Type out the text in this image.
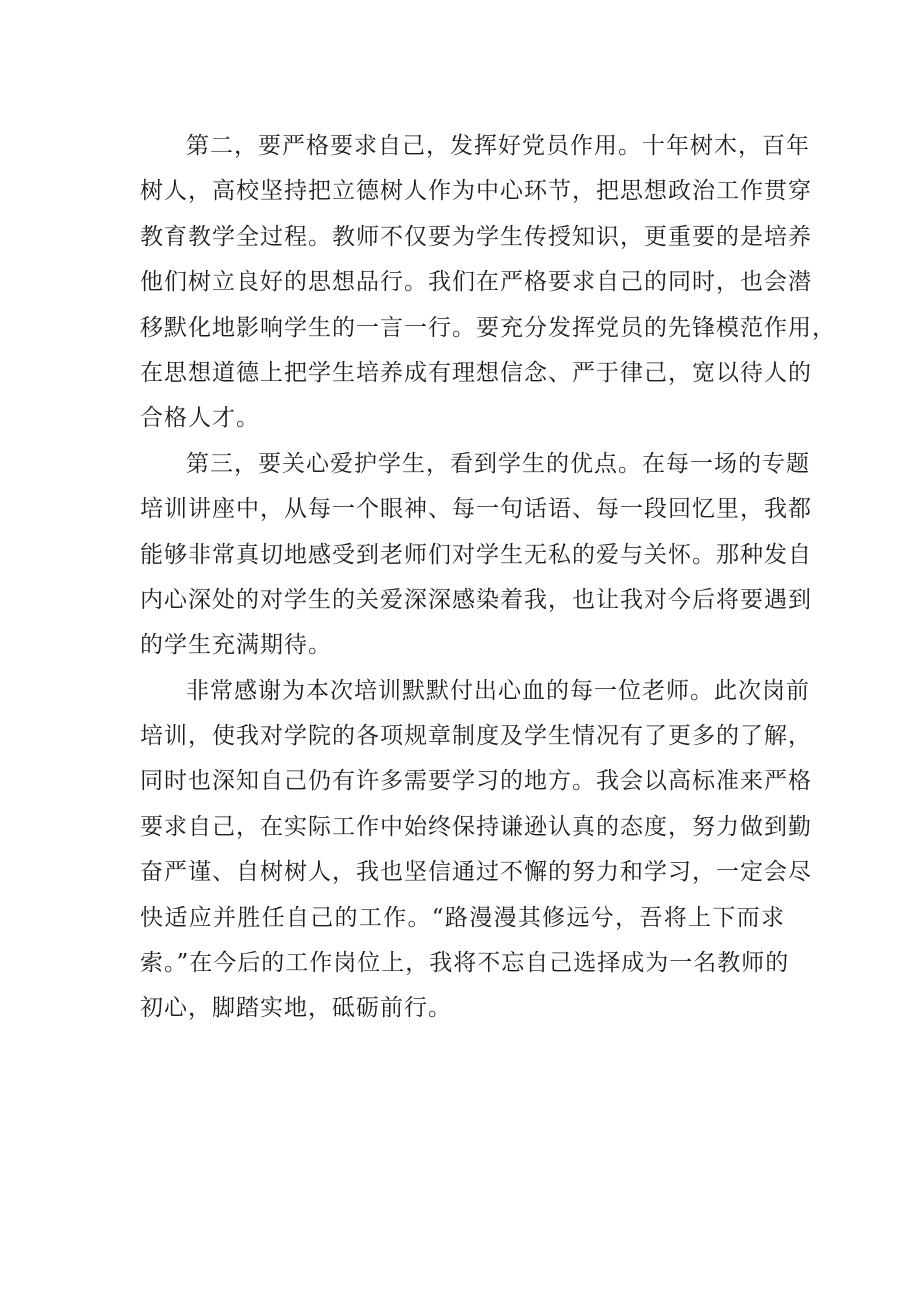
第二，要严格要求自己，发挥好党员作用。十年树木，百年
树人，高校坚持把立德树人作为中心环节，把思想政治工作贯穿
教育教学全过程。教师不仅要为学生传授知识，更重要的是培养
他们树立良好的思想品行。我们在严格要求自己的同时，也会潜
移默化地影响学生的一言一行。要充分发挥党员的先锋模范作用，
在思想道德上把学生培养成有理想信念、严于律己，宽以待人的
合格人才。
第三，要关心爱护学生，看到学生的优点。在每一场的专题
培训讲座中，从每一个眼神、每一句话语、每一段回忆里，我都
能够非常真切地感受到老师们对学生无私的爱与关怀。那种发自
内心深处的对学生的关爱深深感染着我，也让我对今后将要遇到
的学生充满期待。
非常感谢为本次培训默默付出心血的每一位老师。此次岗前
培训，使我对学院的各项规章制度及学生情况有了更多的了解，
同时也深知自己仍有许多需要学习的地方。我会以高标准来严格
要求自己，在实际工作中始终保持谦逊认真的态度，努力做到勤
奋严谨、自树树人，我也坚信通过不懈的努力和学习，一定会尽
快适应并胜任自己的工作。“路漫漫其修远兮，吾将上下而求
索。”在今后的工作岗位上，我将不忘自己选择成为一名教师的
初心，脚踏实地，砥砺前行。
